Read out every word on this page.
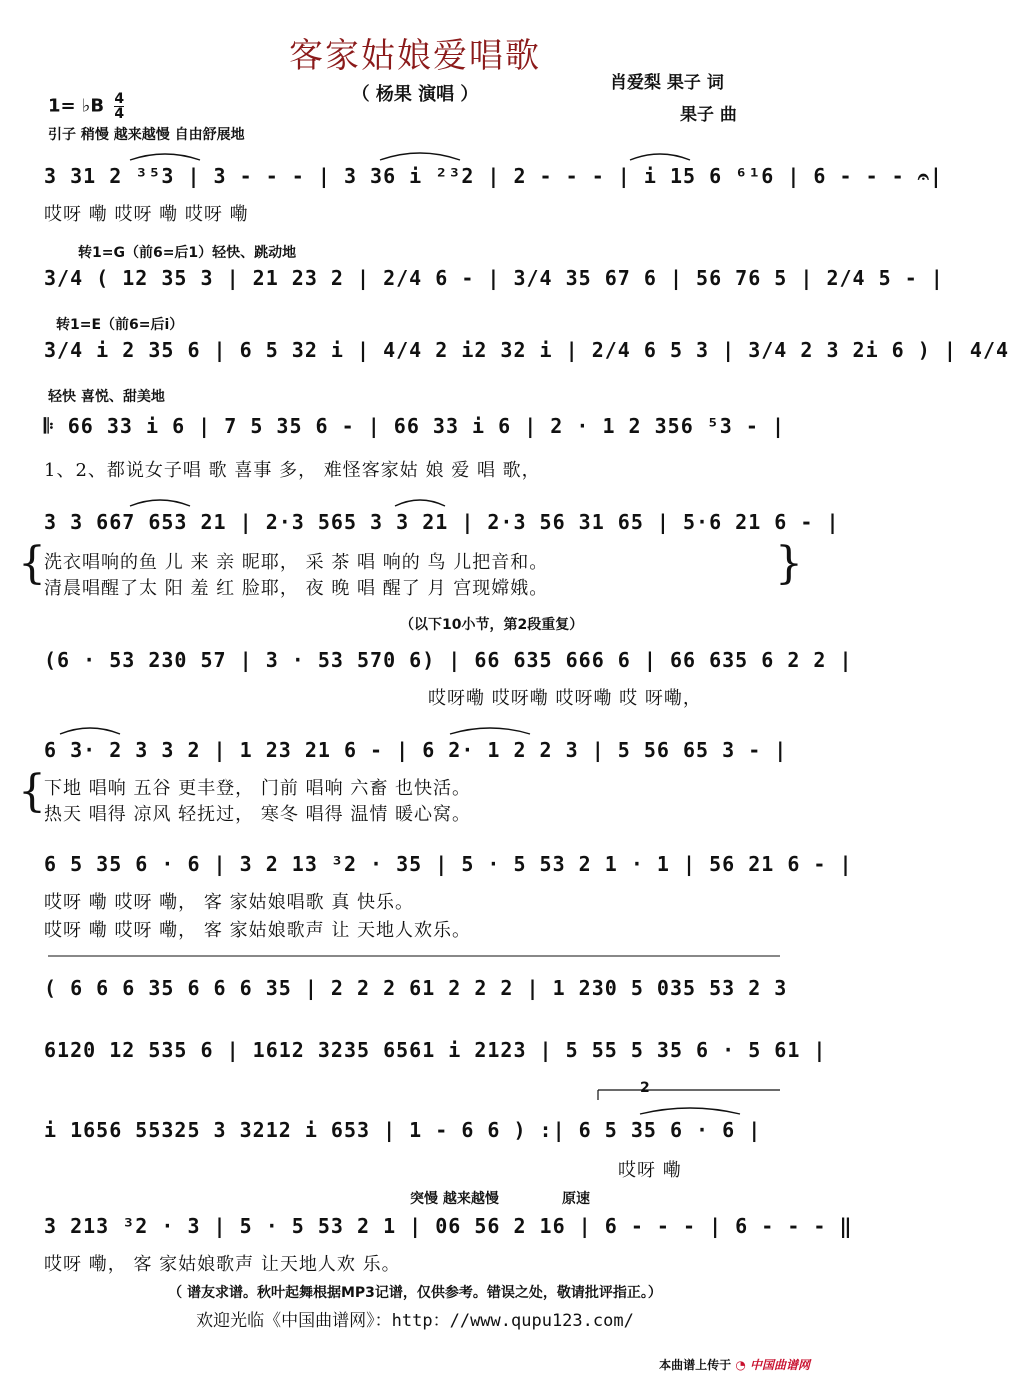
客家姑娘爱唱歌
（ 杨果 演唱 ）
肖爱梨 果子 词
果子 曲
1= ♭B $\frac{4}{4}$
引子 稍慢 越来越慢 自由舒展地
3 31 2 ³⁵3 | 3 - - - | 3 36 i ²³2 | 2 - - - | i 15 6 ⁶¹6 | 6 - - - 𝄐|
哎呀 嘞 哎呀 嘞 哎呀 嘞
转1=G（前6=后1）轻快、跳动地
3/4 ( 12 35 3 | 21 23 2 | 2/4 6 - | 3/4 35 67 6 | 56 76 5 | 2/4 5 - |
转1=E（前6=后i）
3/4 i 2 35 6 | 6 5 32 i | 4/4 2 i2 32 i | 2/4 6 5 3 | 3/4 2 3 2i 6 ) | 4/4
轻快 喜悦、甜美地
𝄆 66 33 i 6 | 7 5 35 6 - | 66 33 i 6 | 2 · 1 2 356 ⁵3 - |
1、2、都说女子唱 歌 喜事 多， 难怪客家姑 娘 爱 唱 歌，
3 3 667 653 21 | 2·3 565 3 3 21 | 2·3 56 31 65 | 5·6 21 6 - |
{
洗衣唱响的鱼 儿 来 亲 昵耶， 采 茶 唱 响的 鸟 儿把音和。
清晨唱醒了太 阳 羞 红 脸耶， 夜 晚 唱 醒了 月 宫现嫦娥。	}
（以下10小节，第2段重复）
(6 · 53 230 57 | 3 · 53 570 6) | 66 635 666 6 | 66 635 6 2 2 |
哎呀嘞 哎呀嘞 哎呀嘞 哎 呀嘞，
6 3· 2 3 3 2 | 1 23 21 6 - | 6 2· 1 2 2 3 | 5 56 65 3 - |
{
下地 唱响 五谷 更丰登， 门前 唱响 六畜 也快活。
热天 唱得 凉风 轻抚过， 寒冬 唱得 温情 暖心窝。
6 5 35 6 · 6 | 3 2 13 ³2 · 35 | 5 · 5 53 2 1 · 1 | 56 21 6 - |
哎呀 嘞 哎呀 嘞， 客 家姑娘唱歌 真 快乐。
哎呀 嘞 哎呀 嘞， 客 家姑娘歌声 让 天地人欢乐。
( 6 6 6 35 6 6 6 35 | 2 2 2 61 2 2 2 | 1 230 5 035 53 2 3
6120 12 535 6 | 1612 3235 6561 i 2123 | 5 55 5 35 6 · 5 61 |
2
i 1656 55325 3 3212 i 653 | 1 - 6 6 ) :| 6 5 35 6 · 6 |
哎呀 嘞
突慢 越来越慢	原速
3 213 ³2 · 3 | 5 · 5 53 2 1 | 06 56 2 16 | 6 - - - | 6 - - - ‖
哎呀 嘞， 客 家姑娘歌声 让天地人欢 乐。
（ 谱友求谱。秋叶起舞根据MP3记谱，仅供参考。错误之处，敬请批评指正。）
欢迎光临《中国曲谱网》：http：//www.qupu123.com/
本曲谱上传于 ◔ 中国曲谱网
